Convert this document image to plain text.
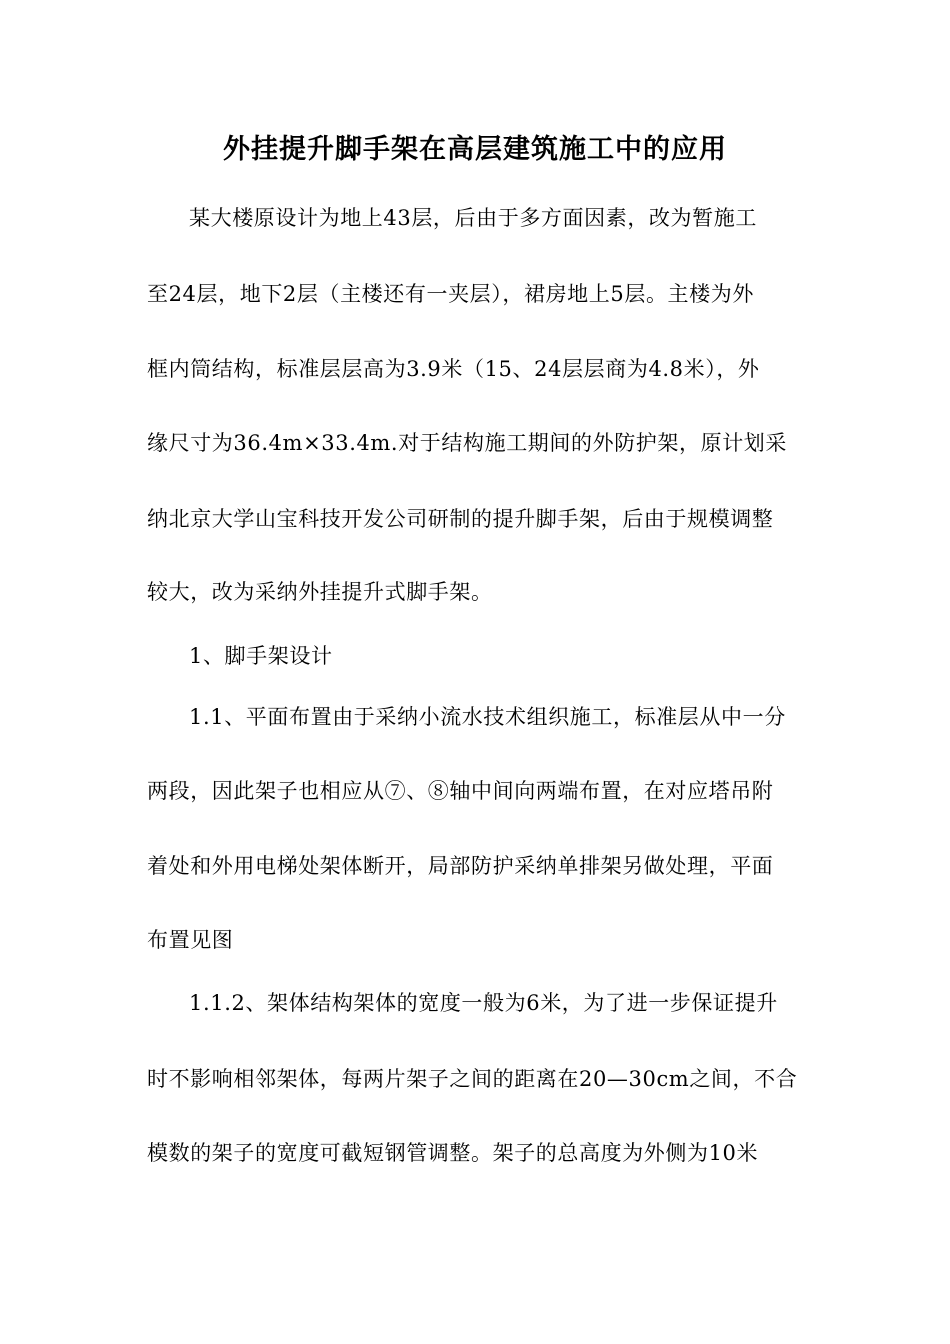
外挂提升脚手架在高层建筑施工中的应用
某大楼原设计为地上43层，后由于多方面因素，改为暂施工
至24层，地下2层（主楼还有一夹层），裙房地上5层。主楼为外
框内筒结构，标准层层高为3.9米（15、24层层商为4.8米），外
缘尺寸为36.4m×33.4m.对于结构施工期间的外防护架，原计划采
纳北京大学山宝科技开发公司研制的提升脚手架，后由于规模调整
较大，改为采纳外挂提升式脚手架。
1、脚手架设计
1.1、平面布置由于采纳小流水技术组织施工，标准层从中一分
两段，因此架子也相应从⑦、⑧轴中间向两端布置，在对应塔吊附
着处和外用电梯处架体断开，局部防护采纳单排架另做处理，平面
布置见图
1.1.2、架体结构架体的宽度一般为6米，为了进一步保证提升
时不影响相邻架体，每两片架子之间的距离在20—30cm之间，不合
模数的架子的宽度可截短钢管调整。架子的总高度为外侧为10米
